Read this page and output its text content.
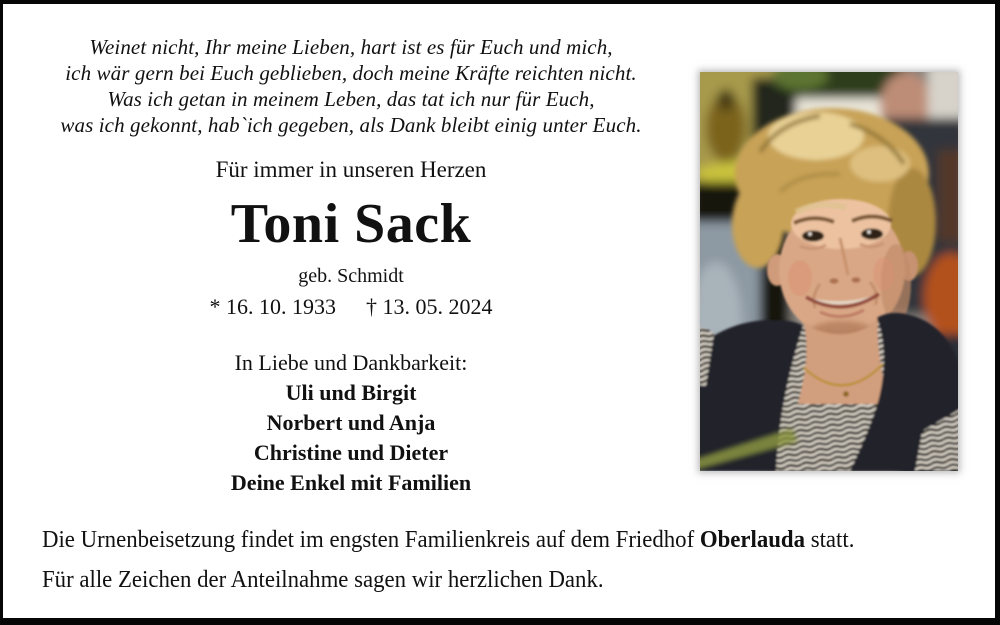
Weinet nicht, Ihr meine Lieben, hart ist es für Euch und mich,
ich wär gern bei Euch geblieben, doch meine Kräfte reichten nicht.
Was ich getan in meinem Leben, das tat ich nur für Euch,
was ich gekonnt, hab`ich gegeben, als Dank bleibt einig unter Euch.
Für immer in unseren Herzen
Toni Sack
geb. Schmidt
* 16. 10. 1933 † 13. 05. 2024
In Liebe und Dankbarkeit:
Uli und Birgit
Norbert und Anja
Christine und Dieter
Deine Enkel mit Familien

Die Urnenbeisetzung findet im engsten Familienkreis auf dem Friedhof Oberlauda statt.

Für alle Zeichen der Anteilnahme sagen wir herzlichen Dank.
